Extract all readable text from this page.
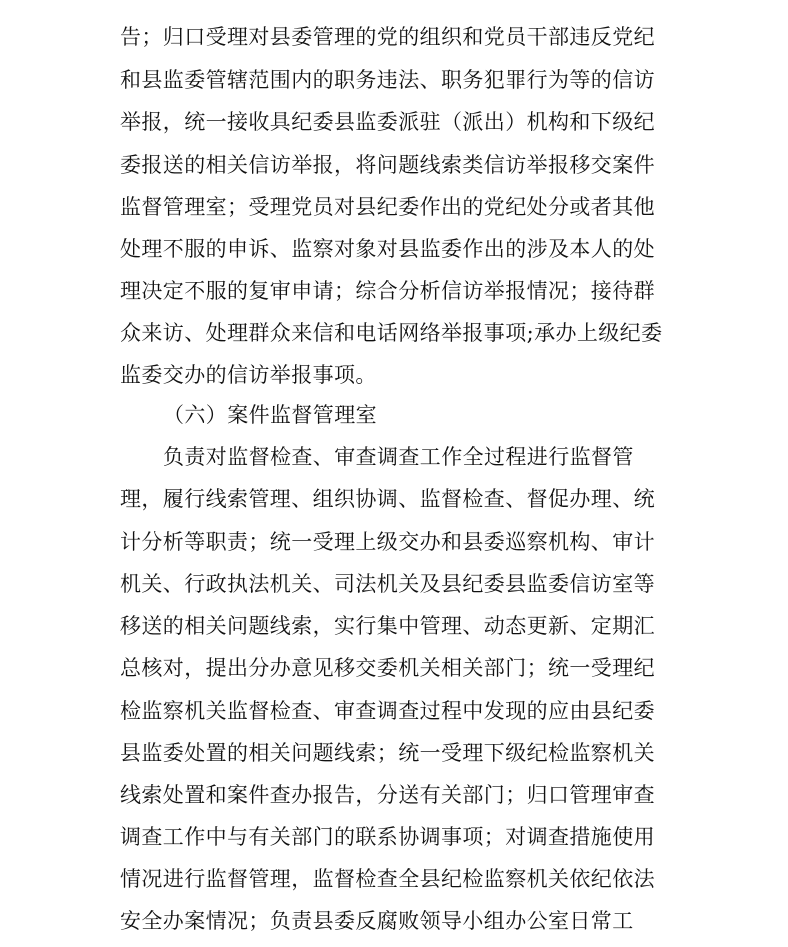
告；归口受理对县委管理的党的组织和党员干部违反党纪
和县监委管辖范围内的职务违法、职务犯罪行为等的信访
举报，统一接收具纪委县监委派驻（派出）机构和下级纪
委报送的相关信访举报，将问题线索类信访举报移交案件
监督管理室；受理党员对县纪委作出的党纪处分或者其他
处理不服的申诉、监察对象对县监委作出的涉及本人的处
理决定不服的复审申请；综合分析信访举报情况；接待群
众来访、处理群众来信和电话网络举报事项;承办上级纪委
监委交办的信访举报事项。
（六）案件监督管理室
负责对监督检查、审查调查工作全过程进行监督管
理，履行线索管理、组织协调、监督检查、督促办理、统
计分析等职责；统一受理上级交办和县委巡察机构、审计
机关、行政执法机关、司法机关及县纪委县监委信访室等
移送的相关问题线索，实行集中管理、动态更新、定期汇
总核对，提出分办意见移交委机关相关部门；统一受理纪
检监察机关监督检查、审查调查过程中发现的应由县纪委
县监委处置的相关问题线索；统一受理下级纪检监察机关
线索处置和案件查办报告，分送有关部门；归口管理审查
调查工作中与有关部门的联系协调事项；对调查措施使用
情况进行监督管理，监督检查全县纪检监察机关依纪依法
安全办案情况；负责县委反腐败领导小组办公室日常工
